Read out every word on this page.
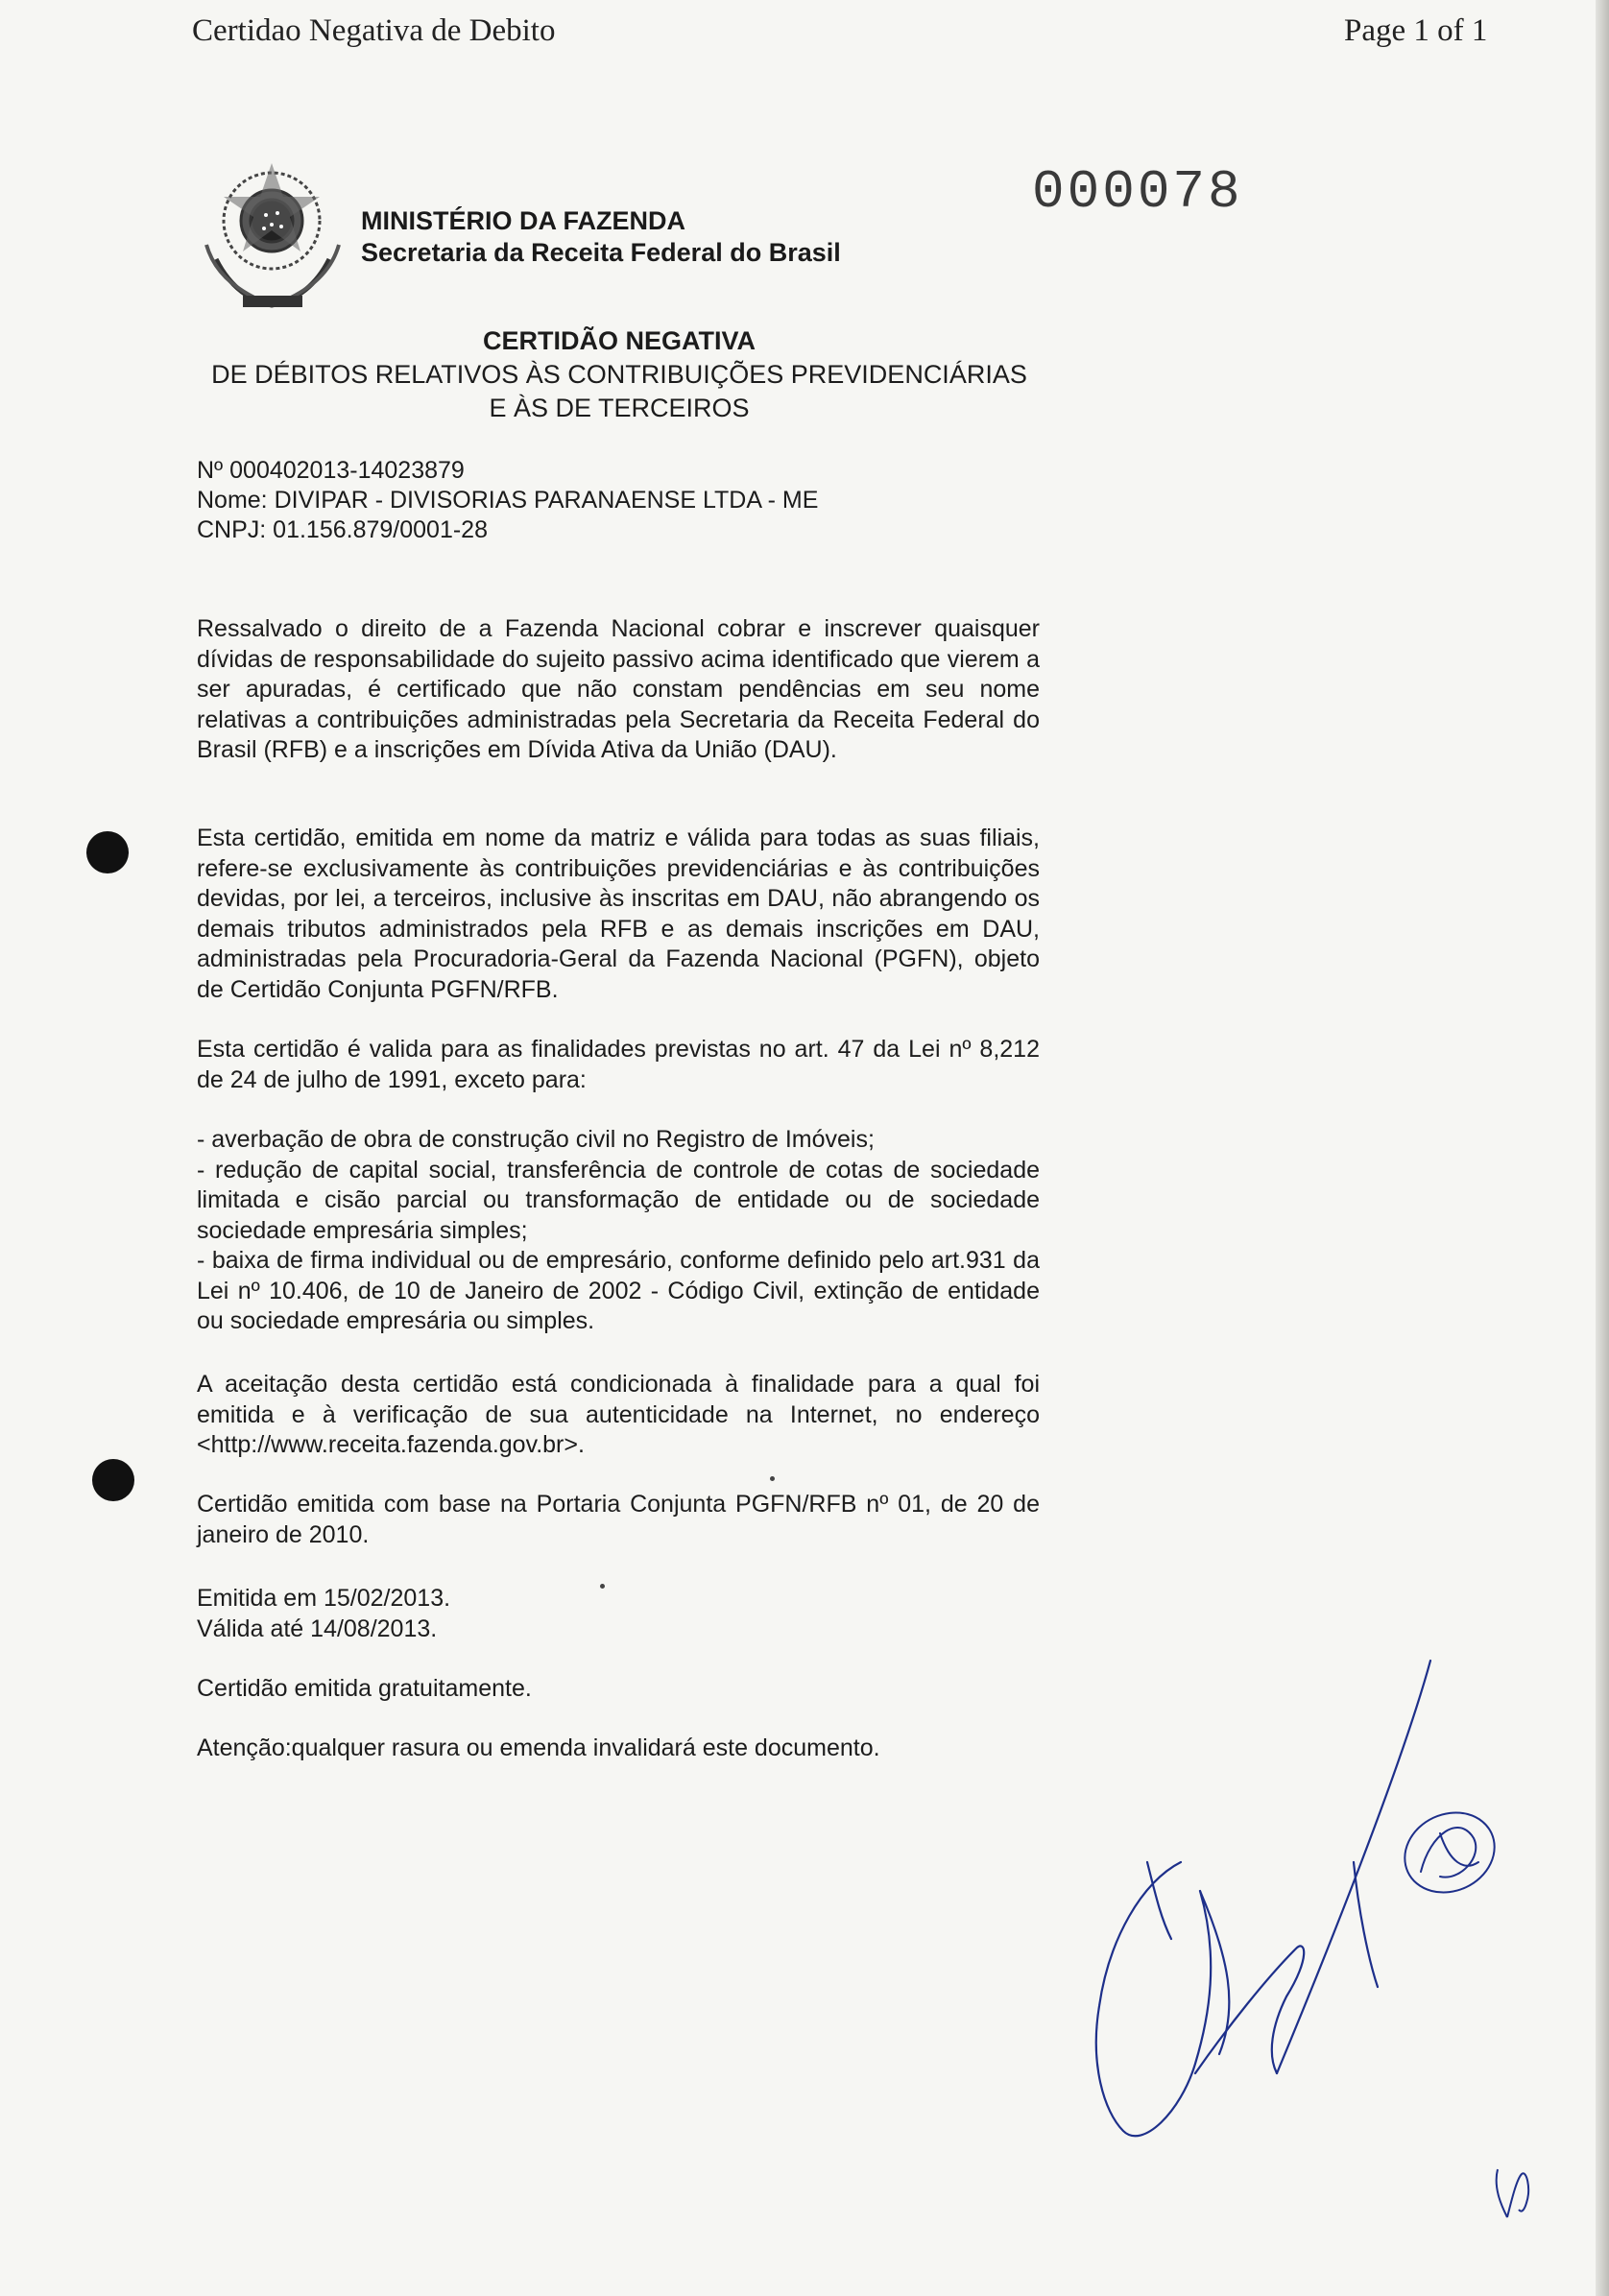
Certidao Negativa de Debito	Page 1 of 1
000078
MINISTÉRIO DA FAZENDA
Secretaria da Receita Federal do Brasil
CERTIDÃO NEGATIVA
DE DÉBITOS RELATIVOS ÀS CONTRIBUIÇÕES PREVIDENCIÁRIAS
E ÀS DE TERCEIROS
Nº 000402013-14023879
Nome: DIVIPAR - DIVISORIAS PARANAENSE LTDA - ME
CNPJ: 01.156.879/0001-28

Ressalvado o direito de a Fazenda Nacional cobrar e inscrever quaisquer dívidas de responsabilidade do sujeito passivo acima identificado que vierem a ser apuradas, é certificado que não constam pendências em seu nome relativas a contribuições administradas pela Secretaria da Receita Federal do Brasil (RFB) e a inscrições em Dívida Ativa da União (DAU).

Esta certidão, emitida em nome da matriz e válida para todas as suas filiais, refere-se exclusivamente às contribuições previdenciárias e às contribuições devidas, por lei, a terceiros, inclusive às inscritas em DAU, não abrangendo os demais tributos administrados pela RFB e as demais inscrições em DAU, administradas pela Procuradoria-Geral da Fazenda Nacional (PGFN), objeto de Certidão Conjunta PGFN/RFB.

Esta certidão é valida para as finalidades previstas no art. 47 da Lei nº 8,212 de 24 de julho de 1991, exceto para:

- averbação de obra de construção civil no Registro de Imóveis;

- redução de capital social, transferência de controle de cotas de sociedade limitada e cisão parcial ou transformação de entidade ou de sociedade sociedade empresária simples;

- baixa de firma individual ou de empresário, conforme definido pelo art.931 da Lei nº 10.406, de 10 de Janeiro de 2002 - Código Civil, extinção de entidade ou sociedade empresária ou simples.

A aceitação desta certidão está condicionada à finalidade para a qual foi emitida e à verificação de sua autenticidade na Internet, no endereço <http://www.receita.fazenda.gov.br>.

Certidão emitida com base na Portaria Conjunta PGFN/RFB nº 01, de 20 de janeiro de 2010.

Emitida em 15/02/2013.

Válida até 14/08/2013.

Certidão emitida gratuitamente.

Atenção:qualquer rasura ou emenda invalidará este documento.
